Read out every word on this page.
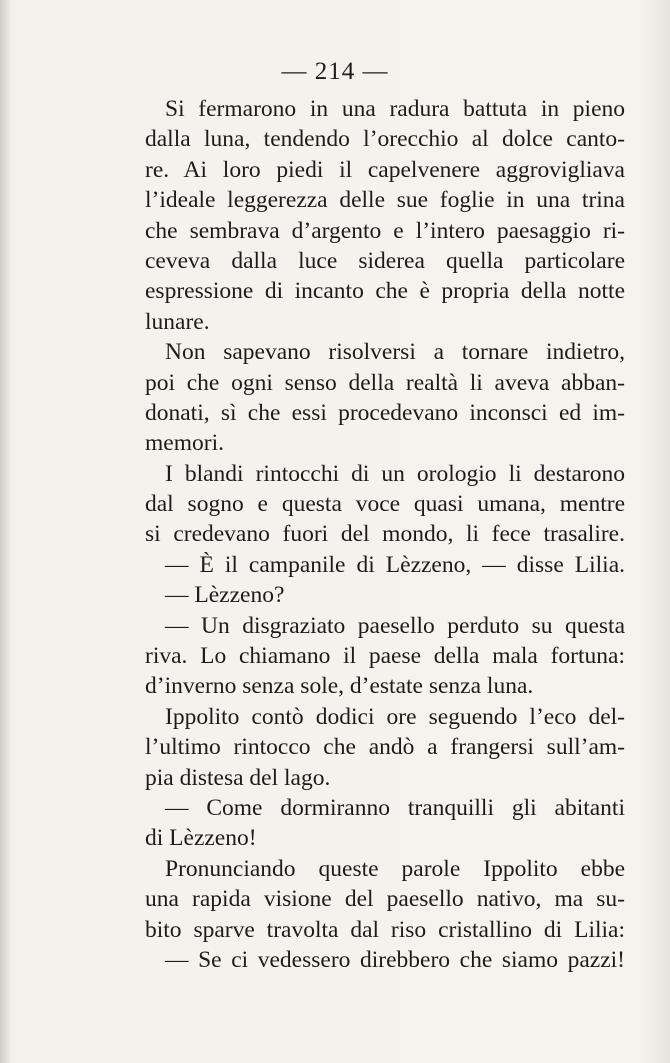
— 214 —
Si fermarono in una radura battuta in pieno
dalla luna, tendendo l’orecchio al dolce canto-
re. Ai loro piedi il capelvenere aggrovigliava
l’ideale leggerezza delle sue foglie in una trina
che sembrava d’argento e l’intero paesaggio ri-
ceveva dalla luce siderea quella particolare
espressione di incanto che è propria della notte
lunare.
Non sapevano risolversi a tornare indietro,
poi che ogni senso della realtà li aveva abban-
donati, sì che essi procedevano inconsci ed im-
memori.
I blandi rintocchi di un orologio li destarono
dal sogno e questa voce quasi umana, mentre
si credevano fuori del mondo, li fece trasalire.
— È il campanile di Lèzzeno, — disse Lilia.
— Lèzzeno?
— Un disgraziato paesello perduto su questa
riva. Lo chiamano il paese della mala fortuna:
d’inverno senza sole, d’estate senza luna.
Ippolito contò dodici ore seguendo l’eco del-
l’ultimo rintocco che andò a frangersi sull’am-
pia distesa del lago.
— Come dormiranno tranquilli gli abitanti
di Lèzzeno!
Pronunciando queste parole Ippolito ebbe
una rapida visione del paesello nativo, ma su-
bito sparve travolta dal riso cristallino di Lilia:
— Se ci vedessero direbbero che siamo pazzi!
